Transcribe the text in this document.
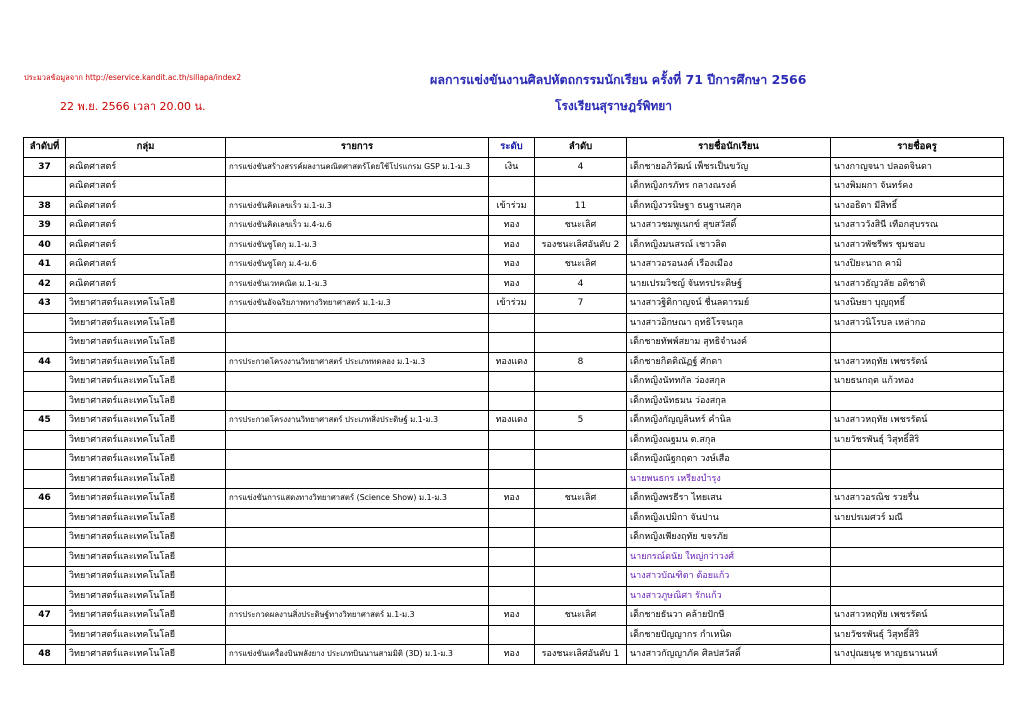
ประมวลข้อมูลจาก http://eservice.kandit.ac.th/sillapa/index2
22 พ.ย. 2566 เวลา 20.00 น.
ผลการแข่งขันงานศิลปหัตถกรรมนักเรียน ครั้งที่ 71 ปีการศึกษา 2566
โรงเรียนสุราษฎร์พิทยา
ลำดับที่	กลุ่ม	รายการ	ระดับ	ลำดับ	รายชื่อนักเรียน	รายชื่อครู
37	คณิตศาสตร์	การแข่งขันสร้างสรรค์ผลงานคณิตศาสตร์โดยใช้โปรแกรม GSP ม.1-ม.3	เงิน	4	เด็กชายอภิวัฒน์ เพ็ชรเป็นขวัญ	นางกาญจนา ปลอดจินดา
	คณิตศาสตร์				เด็กหญิงกรภัทร กลางณรงค์	นางพิมผกา จันทร์คง
38	คณิตศาสตร์	การแข่งขันคิดเลขเร็ว ม.1-ม.3	เข้าร่วม	11	เด็กหญิงวรนิษฐา ธนฐานสกุล	นางอธิตา มีสิทธิ์
39	คณิตศาสตร์	การแข่งขันคิดเลขเร็ว ม.4-ม.6	ทอง	ชนะเลิศ	นางสาวชมพูเนกข์ สุขสวัสดิ์	นางสาววังสินี เทือกสุบรรณ
40	คณิตศาสตร์	การแข่งขันซูโดกุ ม.1-ม.3	ทอง	รองชนะเลิศอันดับ 2	เด็กหญิงมนสรณ์ เชาวลิต	นางสาวพัชรีพร ชุมชอบ
41	คณิตศาสตร์	การแข่งขันซูโดกุ ม.4-ม.6	ทอง	ชนะเลิศ	นางสาวอรอนงค์ เรืองเมือง	นางปิยะนาถ คามิ
42	คณิตศาสตร์	การแข่งขันเวทคณิต ม.1-ม.3	ทอง	4	นายเปรมวิชญ์ จันทรประดิษฐ์	นางสาวธัญวลัย อดิชาติ
43	วิทยาศาสตร์และเทคโนโลยี	การแข่งขันอัจฉริยภาพทางวิทยาศาสตร์ ม.1-ม.3	เข้าร่วม	7	นางสาวฐิติกาญจน์ ชื่นลดารมย์	นางนิษยา บุญฤทธิ์
	วิทยาศาสตร์และเทคโนโลยี				นางสาวอิกษณา ฤทธิโรจนกุล	นางสาวนิโรบล เหล่ากอ
	วิทยาศาสตร์และเทคโนโลยี				เด็กชายทัพพ์สยาม สุทธิจำนงค์	
44	วิทยาศาสตร์และเทคโนโลยี	การประกวดโครงงานวิทยาศาสตร์ ประเภททดลอง ม.1-ม.3	ทองแดง	8	เด็กชายกิตติณัฏฐ์ ศักดา	นางสาวหฤทัย เพชรรัตน์
	วิทยาศาสตร์และเทคโนโลยี				เด็กหญิงนัททกัล ว่องสกุล	นายธนกฤต แก้วทอง
	วิทยาศาสตร์และเทคโนโลยี				เด็กหญิงนัทธมน ว่องสกุล	
45	วิทยาศาสตร์และเทคโนโลยี	การประกวดโครงงานวิทยาศาสตร์ ประเภทสิ่งประดิษฐ์ ม.1-ม.3	ทองแดง	5	เด็กหญิงกัญญลินทร์ คำนิล	นางสาวหฤทัย เพชรรัตน์
	วิทยาศาสตร์และเทคโนโลยี				เด็กหญิงณฐมน ต.สกุล	นายวัชรพันธุ์ วิสุทธิ์สิริ
	วิทยาศาสตร์และเทคโนโลยี				เด็กหญิงณัฐกฤตา วงษ์เสือ	
	วิทยาศาสตร์และเทคโนโลยี				นายพนธกร เหรียงบำรุง	
46	วิทยาศาสตร์และเทคโนโลยี	การแข่งขันการแสดงทางวิทยาศาสตร์ (Science Show) ม.1-ม.3	ทอง	ชนะเลิศ	เด็กหญิงพรธีรา ไทยเสน	นางสาวอรณิช รวยรื่น
	วิทยาศาสตร์และเทคโนโลยี				เด็กหญิงเปมิกา จันปาน	นายปรเมศวร์ มณี
	วิทยาศาสตร์และเทคโนโลยี				เด็กหญิงเพียงฤทัย ขจรภัย	
	วิทยาศาสตร์และเทคโนโลยี				นายกรณ์ดนัย ใหญ่กว่าวงศ์	
	วิทยาศาสตร์และเทคโนโลยี				นางสาวบัณฑิตา ต้อยแก้ว	
	วิทยาศาสตร์และเทคโนโลยี				นางสาวภูษณิศา รักแก้ว	
47	วิทยาศาสตร์และเทคโนโลยี	การประกวดผลงานสิ่งประดิษฐ์ทางวิทยาศาสตร์ ม.1-ม.3	ทอง	ชนะเลิศ	เด็กชายธันวา คล้ายปักษี	นางสาวหฤทัย เพชรรัตน์
	วิทยาศาสตร์และเทคโนโลยี				เด็กชายปัญญากร กำเหนิด	นายวัชรพันธุ์ วิสุทธิ์สิริ
48	วิทยาศาสตร์และเทคโนโลยี	การแข่งขันเครื่องบินพลังยาง ประเภทบินนานสามมิติ (3D) ม.1-ม.3	ทอง	รองชนะเลิศอันดับ 1	นางสาวกัญญาภัค ศิลปสวัสดิ์	นางปุณยนุช หาญธนานนท์
